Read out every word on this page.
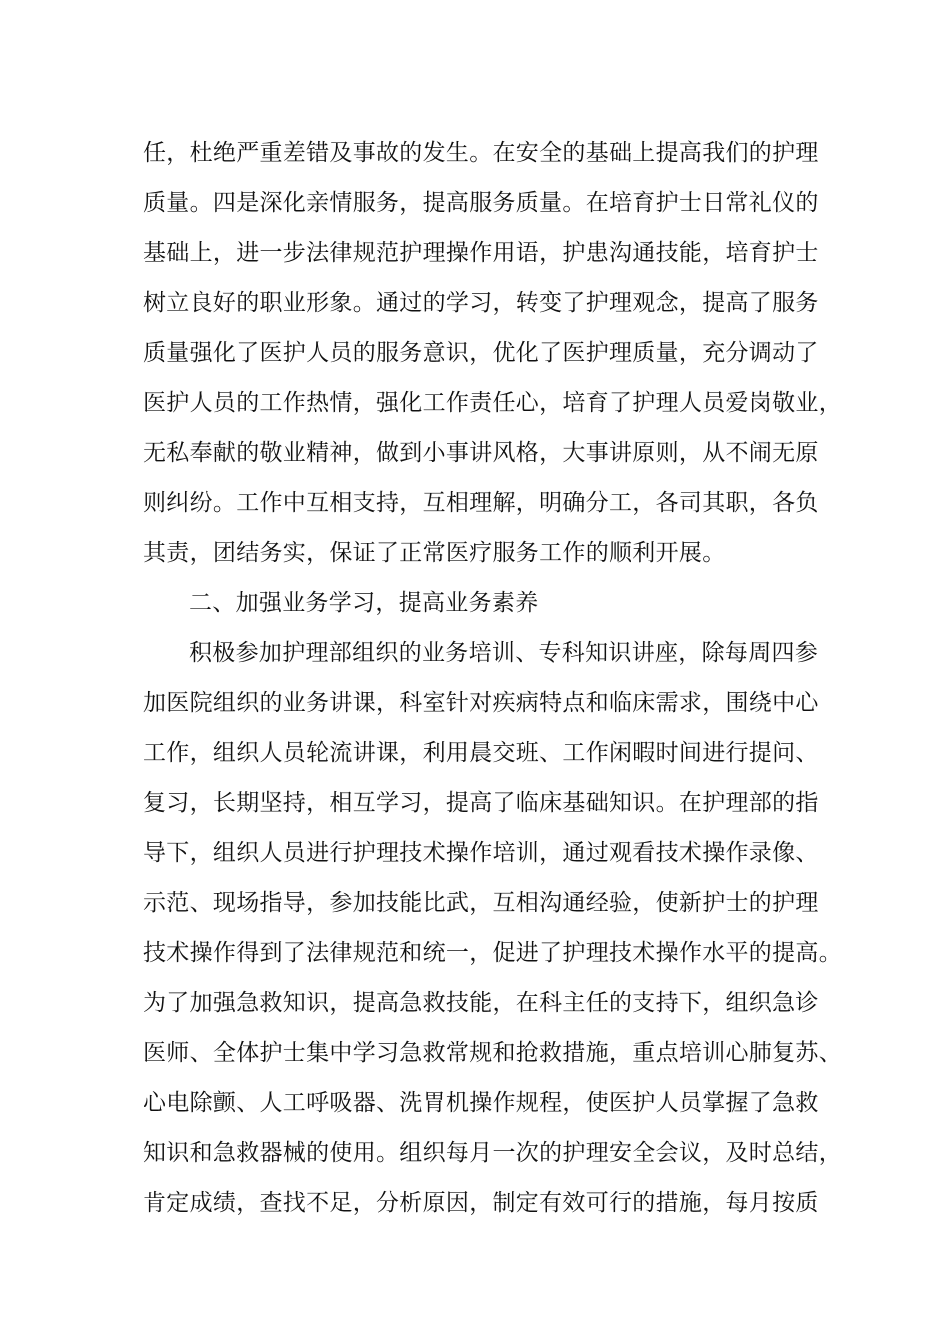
任，杜绝严重差错及事故的发生。在安全的基础上提高我们的护理
质量。四是深化亲情服务，提高服务质量。在培育护士日常礼仪的
基础上，进一步法律规范护理操作用语，护患沟通技能，培育护士
树立良好的职业形象。通过的学习，转变了护理观念，提高了服务
质量强化了医护人员的服务意识，优化了医护理质量，充分调动了
医护人员的工作热情，强化工作责任心，培育了护理人员爱岗敬业，
无私奉献的敬业精神，做到小事讲风格，大事讲原则，从不闹无原
则纠纷。工作中互相支持，互相理解，明确分工，各司其职，各负
其责，团结务实，保证了正常医疗服务工作的顺利开展。
二、加强业务学习，提高业务素养
积极参加护理部组织的业务培训、专科知识讲座，除每周四参
加医院组织的业务讲课，科室针对疾病特点和临床需求，围绕中心
工作，组织人员轮流讲课，利用晨交班、工作闲暇时间进行提问、
复习，长期坚持，相互学习，提高了临床基础知识。在护理部的指
导下，组织人员进行护理技术操作培训，通过观看技术操作录像、
示范、现场指导，参加技能比武，互相沟通经验，使新护士的护理
技术操作得到了法律规范和统一，促进了护理技术操作水平的提高。
为了加强急救知识，提高急救技能，在科主任的支持下，组织急诊
医师、全体护士集中学习急救常规和抢救措施，重点培训心肺复苏、
心电除颤、人工呼吸器、洗胃机操作规程，使医护人员掌握了急救
知识和急救器械的使用。组织每月一次的护理安全会议，及时总结，
肯定成绩，查找不足，分析原因，制定有效可行的措施，每月按质
